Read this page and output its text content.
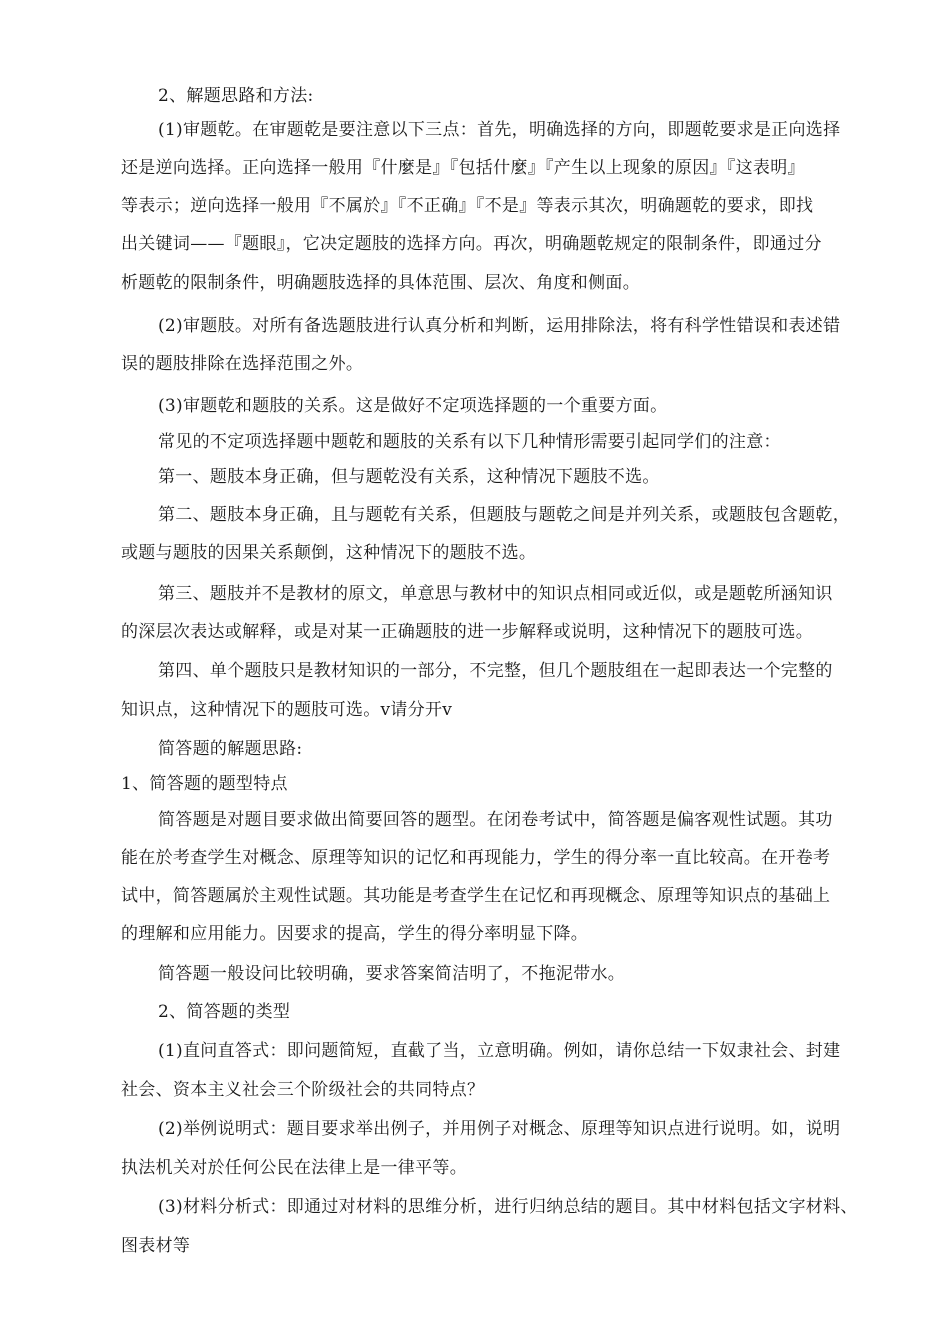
2、解题思路和方法:
(1)审题乾。在审题乾是要注意以下三点：首先，明确选择的方向，即题乾要求是正向选择
还是逆向选择。正向选择一般用『什麼是』『包括什麼』『产生以上现象的原因』『这表明』
等表示；逆向选择一般用『不属於』『不正确』『不是』等表示其次，明确题乾的要求，即找
出关键词——『题眼』，它决定题肢的选择方向。再次，明确题乾规定的限制条件，即通过分
析题乾的限制条件，明确题肢选择的具体范围、层次、角度和侧面。
(2)审题肢。对所有备选题肢进行认真分析和判断，运用排除法，将有科学性错误和表述错
误的题肢排除在选择范围之外。
(3)审题乾和题肢的关系。这是做好不定项选择题的一个重要方面。
常见的不定项选择题中题乾和题肢的关系有以下几种情形需要引起同学们的注意：
第一、题肢本身正确，但与题乾没有关系，这种情况下题肢不选。
第二、题肢本身正确，且与题乾有关系，但题肢与题乾之间是并列关系，或题肢包含题乾，
或题与题肢的因果关系颠倒，这种情况下的题肢不选。
第三、题肢并不是教材的原文，单意思与教材中的知识点相同或近似，或是题乾所涵知识
的深层次表达或解释，或是对某一正确题肢的进一步解释或说明，这种情况下的题肢可选。
第四、单个题肢只是教材知识的一部分，不完整，但几个题肢组在一起即表达一个完整的
知识点，这种情况下的题肢可选。v请分开v
简答题的解题思路:
1、简答题的题型特点
简答题是对题目要求做出简要回答的题型。在闭卷考试中，简答题是偏客观性试题。其功
能在於考查学生对概念、原理等知识的记忆和再现能力，学生的得分率一直比较高。在开卷考
试中，简答题属於主观性试题。其功能是考查学生在记忆和再现概念、原理等知识点的基础上
的理解和应用能力。因要求的提高，学生的得分率明显下降。
简答题一般设问比较明确，要求答案简洁明了，不拖泥带水。
2、简答题的类型
(1)直问直答式：即问题简短，直截了当，立意明确。例如，请你总结一下奴隶社会、封建
社会、资本主义社会三个阶级社会的共同特点？
(2)举例说明式：题目要求举出例子，并用例子对概念、原理等知识点进行说明。如，说明
执法机关对於任何公民在法律上是一律平等。
(3)材料分析式：即通过对材料的思维分析，进行归纳总结的题目。其中材料包括文字材料、
图表材等
